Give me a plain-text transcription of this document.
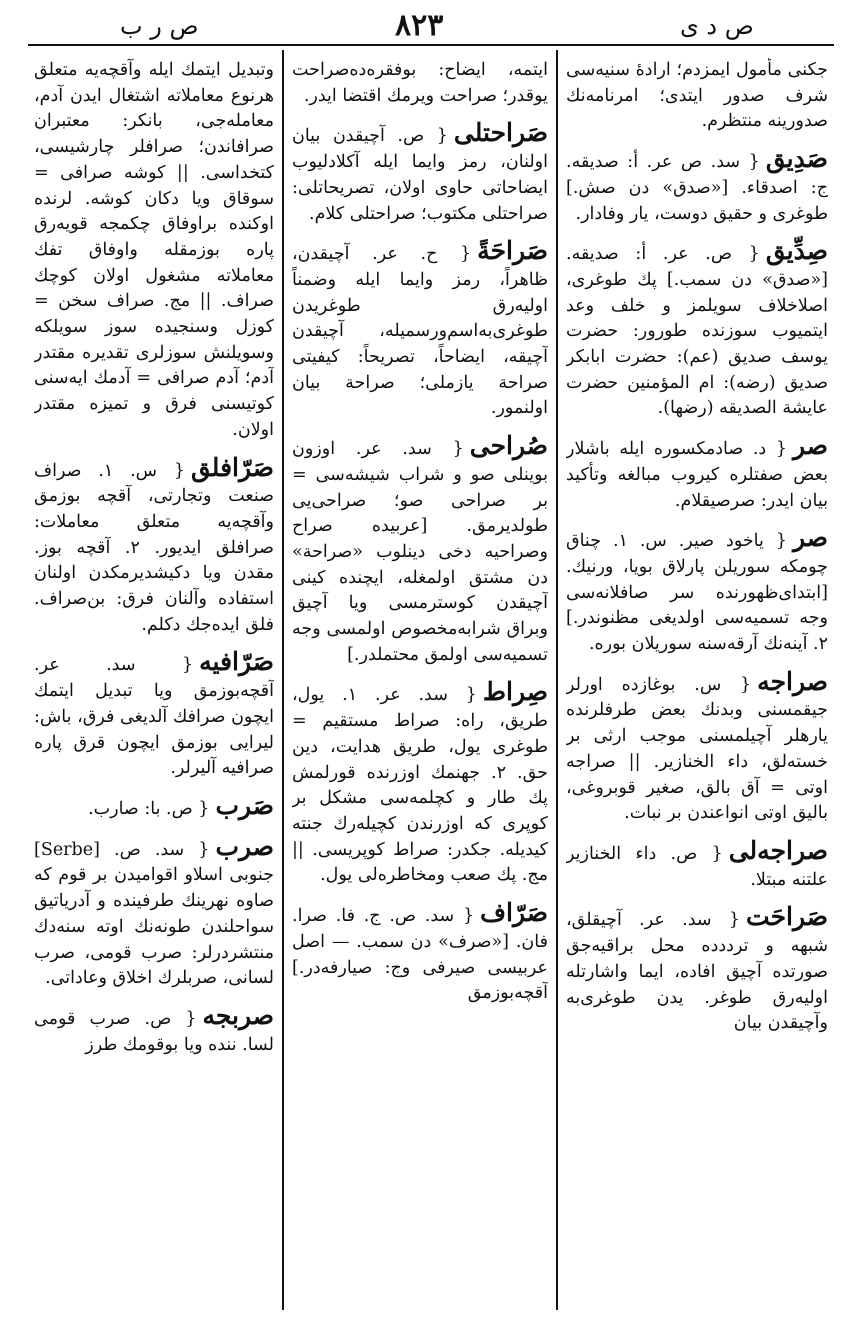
ص ر ب	٨٢٣	ص د ى

جكنى مأمول ايمزدم؛ ارادهٔ سنيه‌سى شرف صدور ايتدى؛ امرنامه‌نك صدورينه منتظرم.

صَدِيق{ سد. ص عر. أ: صديقه. ج: اصدقاء. [«صدق» دن صش.] طوغرى و حقيق دوست، يار وفادار.

صِدِّيق{ ص. عر. أ: صديقه. [«صدق» دن سمب.] پك طوغرى، اصلاخلاف سويلمز و خلف وعد ايتميوب سوزنده طورور: حضرت يوسف صديق (عم): حضرت ابابكر صديق (رضه): ام المؤمنين حضرت عايشة الصديقه (رضها).

صر{ د. صادمكسوره ايله باشلار بعض صفتلره كيروب مبالغه وتأكيد بيان ايدر: صرصيقلام.

صر{ ياخود صير. س. ١. چناق چومكه سوريلن پارلاق بويا، ورنيك. [ابتداى‌ظهورنده سر صافلانه‌سى وجه تسميه‌سى اولديغى مظنوندر.] ٢. آينه‌نك آرقه‌سنه سوريلان بوره.

صراجه{ س. بوغازده اورلر جيقمسنى وبدنك بعض طرفلرنده يارهلر آچيلمسنى موجب ارثى بر خسته‌لق، داء الخنازير. || صراجه اوتى = آق بالق، صغير قوبروغى، باليق اوتى انواعندن بر نبات.

صراجه‌لى{ ص. داء الخنازير علتنه مبتلا.

صَراحَت{ سد. عر. آچيقلق، شبهه و ترددده محل براقيه‌جق صورتده آچيق افاده، ايما واشارتله اوليه‌رق طوغر. يدن طوغرى‌به وآچيقدن بيان

ايتمه، ايضاح: بوفقره‌ده‌صراحت يوقدر؛ صراحت ويرمك اقتضا ايدر.

صَراحتلى{ ص. آچيقدن بيان اولنان، رمز وايما ايله آكلادليوب ايضاحاتى حاوى اولان، تصريحاتلى: صراحتلى مكتوب؛ صراحتلى كلام.

صَراحَةً{ ح. عر. آچيقدن، ظاهراً، رمز وايما ايله وضمناً اوليه‌رق طوغريدن طوغرى‌به‌اسم‌ورسميله، آچيقدن آچيقه، ايضاحاً، تصريحاً: كيفيتى صراحة يازملى؛ صراحة بيان اولنمور.

صُراحى{ سد. عر. اوزون بوينلى صو و شراب شيشه‌سى = بر صراحى صو؛ صراحى‌يى طولديرمق. [عربيده صراح وصراحيه دخى دينلوب «صراحة» دن مشتق اولمغله، ايچنده كينى آچيقدن كوسترمسى ويا آچيق وبراق شرابه‌مخصوص اولمسى وجه تسميه‌سى اولمق محتملدر.]

صِراط{ سد. عر. ١. يول، طريق، راه: صراط مستقيم = طوغرى يول، طريق هدايت، دين حق. ٢. جهنمك اوزرنده قورلمش پك طار و كچلمه‌سى مشكل بر كوپرى كه اوزرندن كچيله‌رك جنته كيديله. جكدر: صراط كوپريسى. || مج. پك صعب ومخاطره‌لى يول.

صَرّاف{ سد. ص. ج. فا. صرا. فان. [«صرف» دن سمب. — اصل عربيسى صيرفى وج: صيارفه‌در.] آقچه‌بوزمق

وتبديل ايتمك ايله وآقچه‌يه متعلق هرنوع معاملاته اشتغال ايدن آدم، معامله‌جى، بانكر: معتبران صرافاندن؛ صرافلر چارشيسى، كتخداسى. || كوشه صرافى = سوقاق ويا دكان كوشه. لرنده اوكنده براوفاق چكمجه قويه‌رق پاره بوزمقله واوفاق تفك معاملاته مشغول اولان كوچك صراف. || مج. صراف سخن = كوزل وسنجيده سوز سويلكه وسويلنش سوزلرى تقديره مقتدر آدم؛ آدم صرافى = آدمك ايه‌سنى كوتيسنى فرق و تميزه مقتدر اولان.

صَرّافلق{ س. ١. صراف صنعت وتجارتى، آقچه بوزمق وآقچه‌يه متعلق معاملات: صرافلق ايديور. ٢. آقچه بوز. مقدن ويا دكيشديرمكدن اولنان استفاده وآلنان فرق: بن‌صراف. فلق ايده‌جك دكلم.

صَرّافيه{ سد. عر. آقچه‌بوزمق ويا تبديل ايتمك ايچون صرافك آلديغى فرق، باش: ليرايى بوزمق ايچون قرق پاره صرافيه آليرلر.

صَرب{ ص. با: صارب.

صرب{ سد. ص. [Serbe] جنوبى اسلاو اقواميدن بر قوم كه صاوه نهرينك طرفينده و آدرياتيق سواحلندن طونه‌نك اوته سنه‌دك منتشردرلر: صرب قومى، صرب لسانى، صربلرك اخلاق وعاداتى.

صربجه{ ص. صرب قومى لسا. ننده ويا بوقومك طرز
